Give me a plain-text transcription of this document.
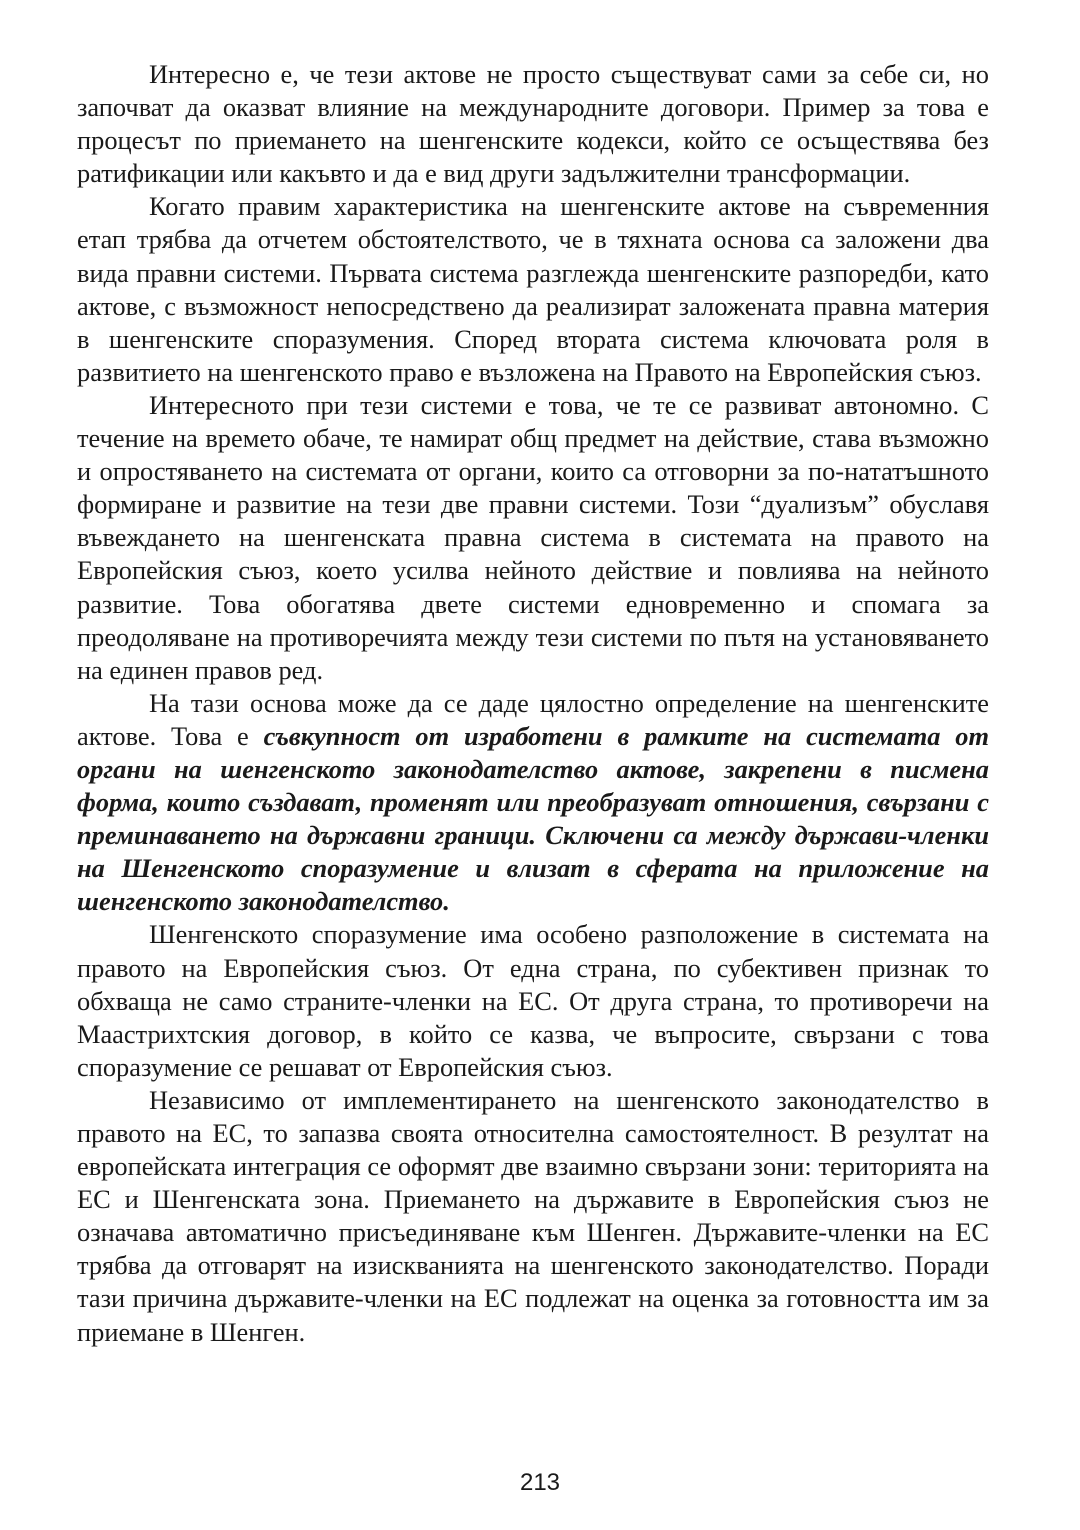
Интересно е, че тези актове не просто съществуват сами за себе си, но започват да оказват влияние на международните договори. Пример за това е процесът по приемането на шенгенските кодекси, който се осъществява без ратификации или какъвто и да е вид други задължителни трансформации.

Когато правим характеристика на шенгенските актове на съвременния етап трябва да отчетем обстоятелството, че в тяхната основа са заложени два вида правни системи. Първата система разглежда шенгенските разпоредби, като актове, с възможност непосредствено да реализират заложената правна материя в шенгенските споразумения. Според втората система ключовата роля в развитието на шенгенското право е възложена на Правото на Европейския съюз.

Интересното при тези системи е това, че те се развиват автономно. С течение на времето обаче, те намират общ предмет на действие, става възможно и опростяването на системата от органи, които са отговорни за по-нататъшното формиране и развитие на тези две правни системи. Този “дуализъм” обуславя въвеждането на шенгенската правна система в системата на правото на Европейския съюз, което усилва нейното действие и повлиява на нейното развитие. Това обогатява двете системи едновременно и спомага за преодоляване на противоречията между тези системи по пътя на установяването на единен правов ред.

На тази основа може да се даде цялостно определение на шенгенските актове. Това е съвкупност от изработени в рамките на системата от органи на шенгенското законодателство актове, закрепени в писмена форма, които създават, променят или преобразуват отношения, свързани с преминаването на държавни граници. Сключени са между държави-членки на Шенгенското споразумение и влизат в сферата на приложение на шенгенското законодателство.

Шенгенското споразумение има особено разположение в системата на правото на Европейския съюз. От една страна, по субективен признак то обхваща не само страните-членки на ЕС. От друга страна, то противоречи на Маастрихтския договор, в който се казва, че въпросите, свързани с това споразумение се решават от Европейския съюз.

Независимо от имплементирането на шенгенското законодателство в правото на ЕС, то запазва своята относителна самостоятелност. В резултат на европейската интеграция се оформят две взаимно свързани зони: територията на ЕС и Шенгенската зона. Приемането на държавите в Европейския съюз не означава автоматично присъединяване към Шенген. Държавите-членки на ЕС трябва да отговарят на изискванията на шенгенското законодателство. Поради тази причина държавите-членки на ЕС подлежат на оценка за готовността им за приемане в Шенген.

213
